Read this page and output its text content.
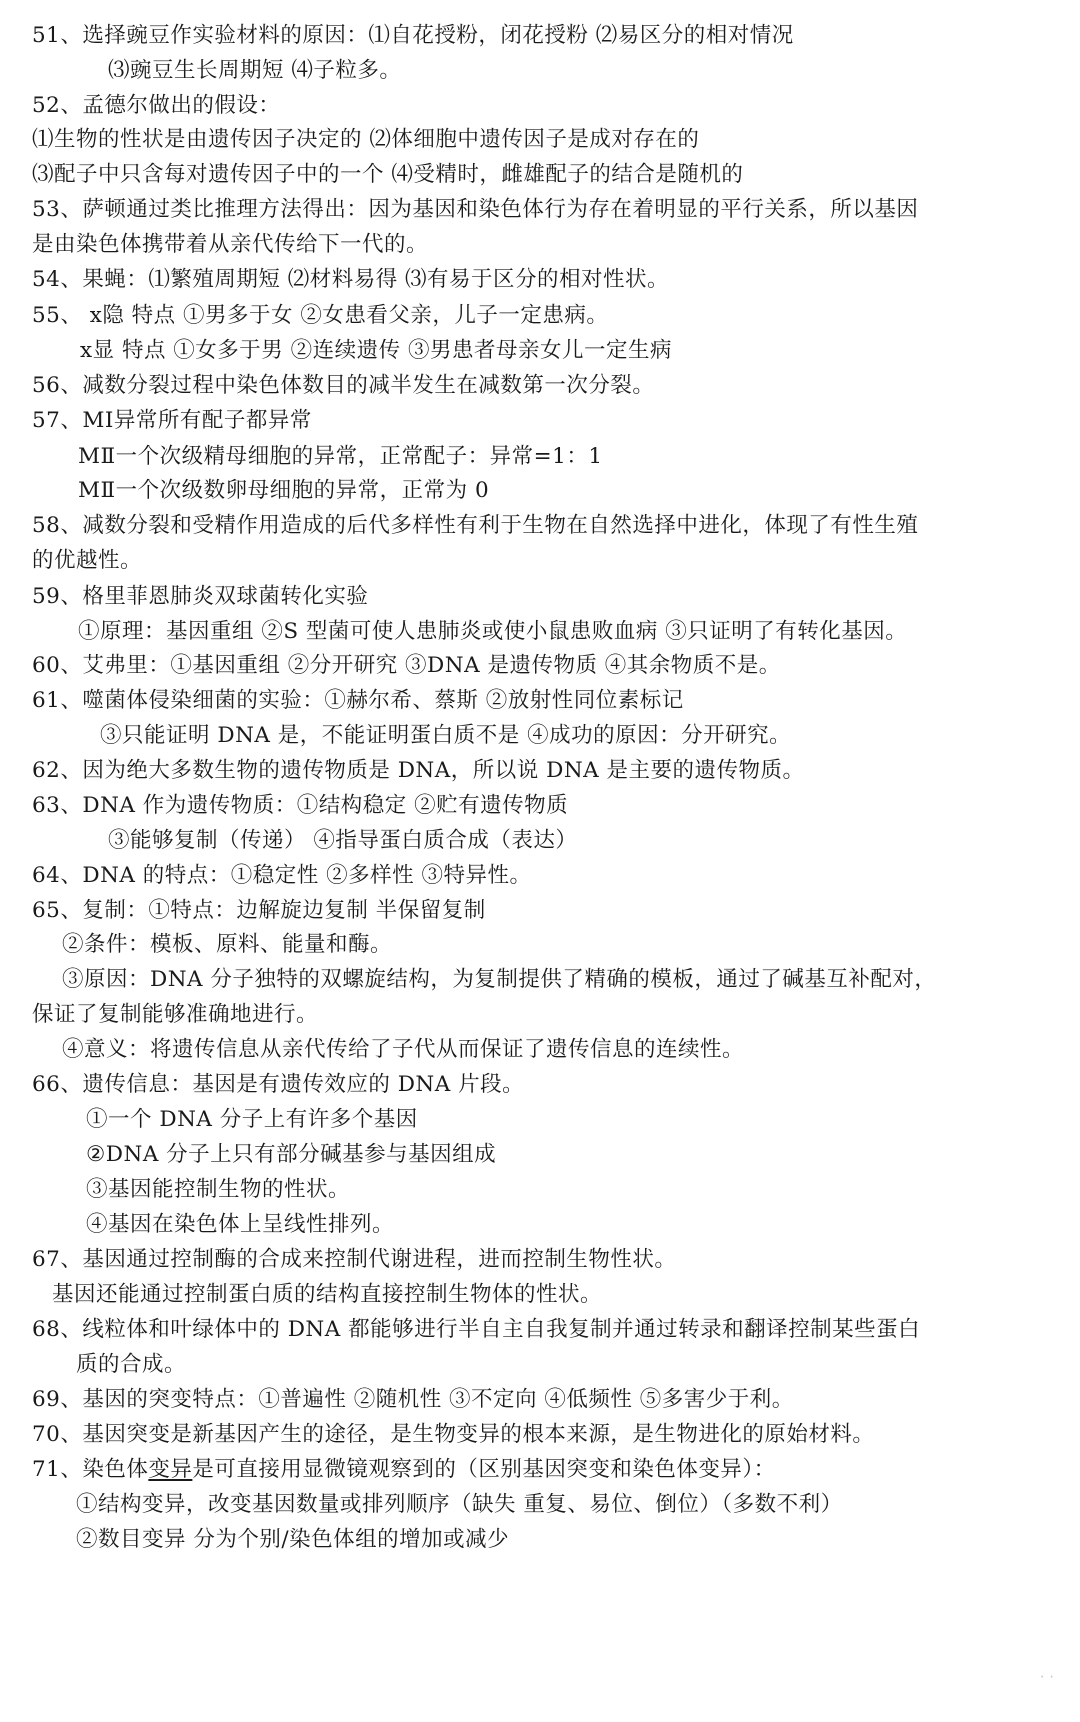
51、选择豌豆作实验材料的原因：⑴自花授粉，闭花授粉 ⑵易区分的相对情况
⑶豌豆生长周期短 ⑷子粒多。
52、孟德尔做出的假设：
⑴生物的性状是由遗传因子决定的 ⑵体细胞中遗传因子是成对存在的
⑶配子中只含每对遗传因子中的一个 ⑷受精时，雌雄配子的结合是随机的
53、萨顿通过类比推理方法得出：因为基因和染色体行为存在着明显的平行关系，所以基因
是由染色体携带着从亲代传给下一代的。
54、果蝇：⑴繁殖周期短 ⑵材料易得 ⑶有易于区分的相对性状。
55、 x隐 特点 ①男多于女 ②女患看父亲，儿子一定患病。
x显 特点 ①女多于男 ②连续遗传 ③男患者母亲女儿一定生病
56、减数分裂过程中染色体数目的减半发生在减数第一次分裂。
57、MⅠ异常所有配子都异常
MⅡ一个次级精母细胞的异常，正常配子：异常=1：1
MⅡ一个次级数卵母细胞的异常，正常为 0
58、减数分裂和受精作用造成的后代多样性有利于生物在自然选择中进化，体现了有性生殖
的优越性。
59、格里菲恩肺炎双球菌转化实验
①原理：基因重组 ②S 型菌可使人患肺炎或使小鼠患败血病 ③只证明了有转化基因。
60、艾弗里：①基因重组 ②分开研究 ③DNA 是遗传物质 ④其余物质不是。
61、噬菌体侵染细菌的实验：①赫尔希、蔡斯 ②放射性同位素标记
③只能证明 DNA 是，不能证明蛋白质不是 ④成功的原因：分开研究。
62、因为绝大多数生物的遗传物质是 DNA，所以说 DNA 是主要的遗传物质。
63、DNA 作为遗传物质：①结构稳定 ②贮有遗传物质
③能够复制（传递） ④指导蛋白质合成（表达）
64、DNA 的特点：①稳定性 ②多样性 ③特异性。
65、复制：①特点：边解旋边复制 半保留复制
②条件：模板、原料、能量和酶。
③原因：DNA 分子独特的双螺旋结构，为复制提供了精确的模板，通过了碱基互补配对，
保证了复制能够准确地进行。
④意义：将遗传信息从亲代传给了子代从而保证了遗传信息的连续性。
66、遗传信息：基因是有遗传效应的 DNA 片段。
①一个 DNA 分子上有许多个基因
②DNA 分子上只有部分碱基参与基因组成
③基因能控制生物的性状。
④基因在染色体上呈线性排列。
67、基因通过控制酶的合成来控制代谢进程，进而控制生物性状。
基因还能通过控制蛋白质的结构直接控制生物体的性状。
68、线粒体和叶绿体中的 DNA 都能够进行半自主自我复制并通过转录和翻译控制某些蛋白
质的合成。
69、基因的突变特点：①普遍性 ②随机性 ③不定向 ④低频性 ⑤多害少于利。
70、基因突变是新基因产生的途径，是生物变异的根本来源，是生物进化的原始材料。
71、染色体变异是可直接用显微镜观察到的（区别基因突变和染色体变异）：
①结构变异，改变基因数量或排列顺序（缺失 重复、易位、倒位）（多数不利）
②数目变异 分为个别/染色体组的增加或减少
· ·
